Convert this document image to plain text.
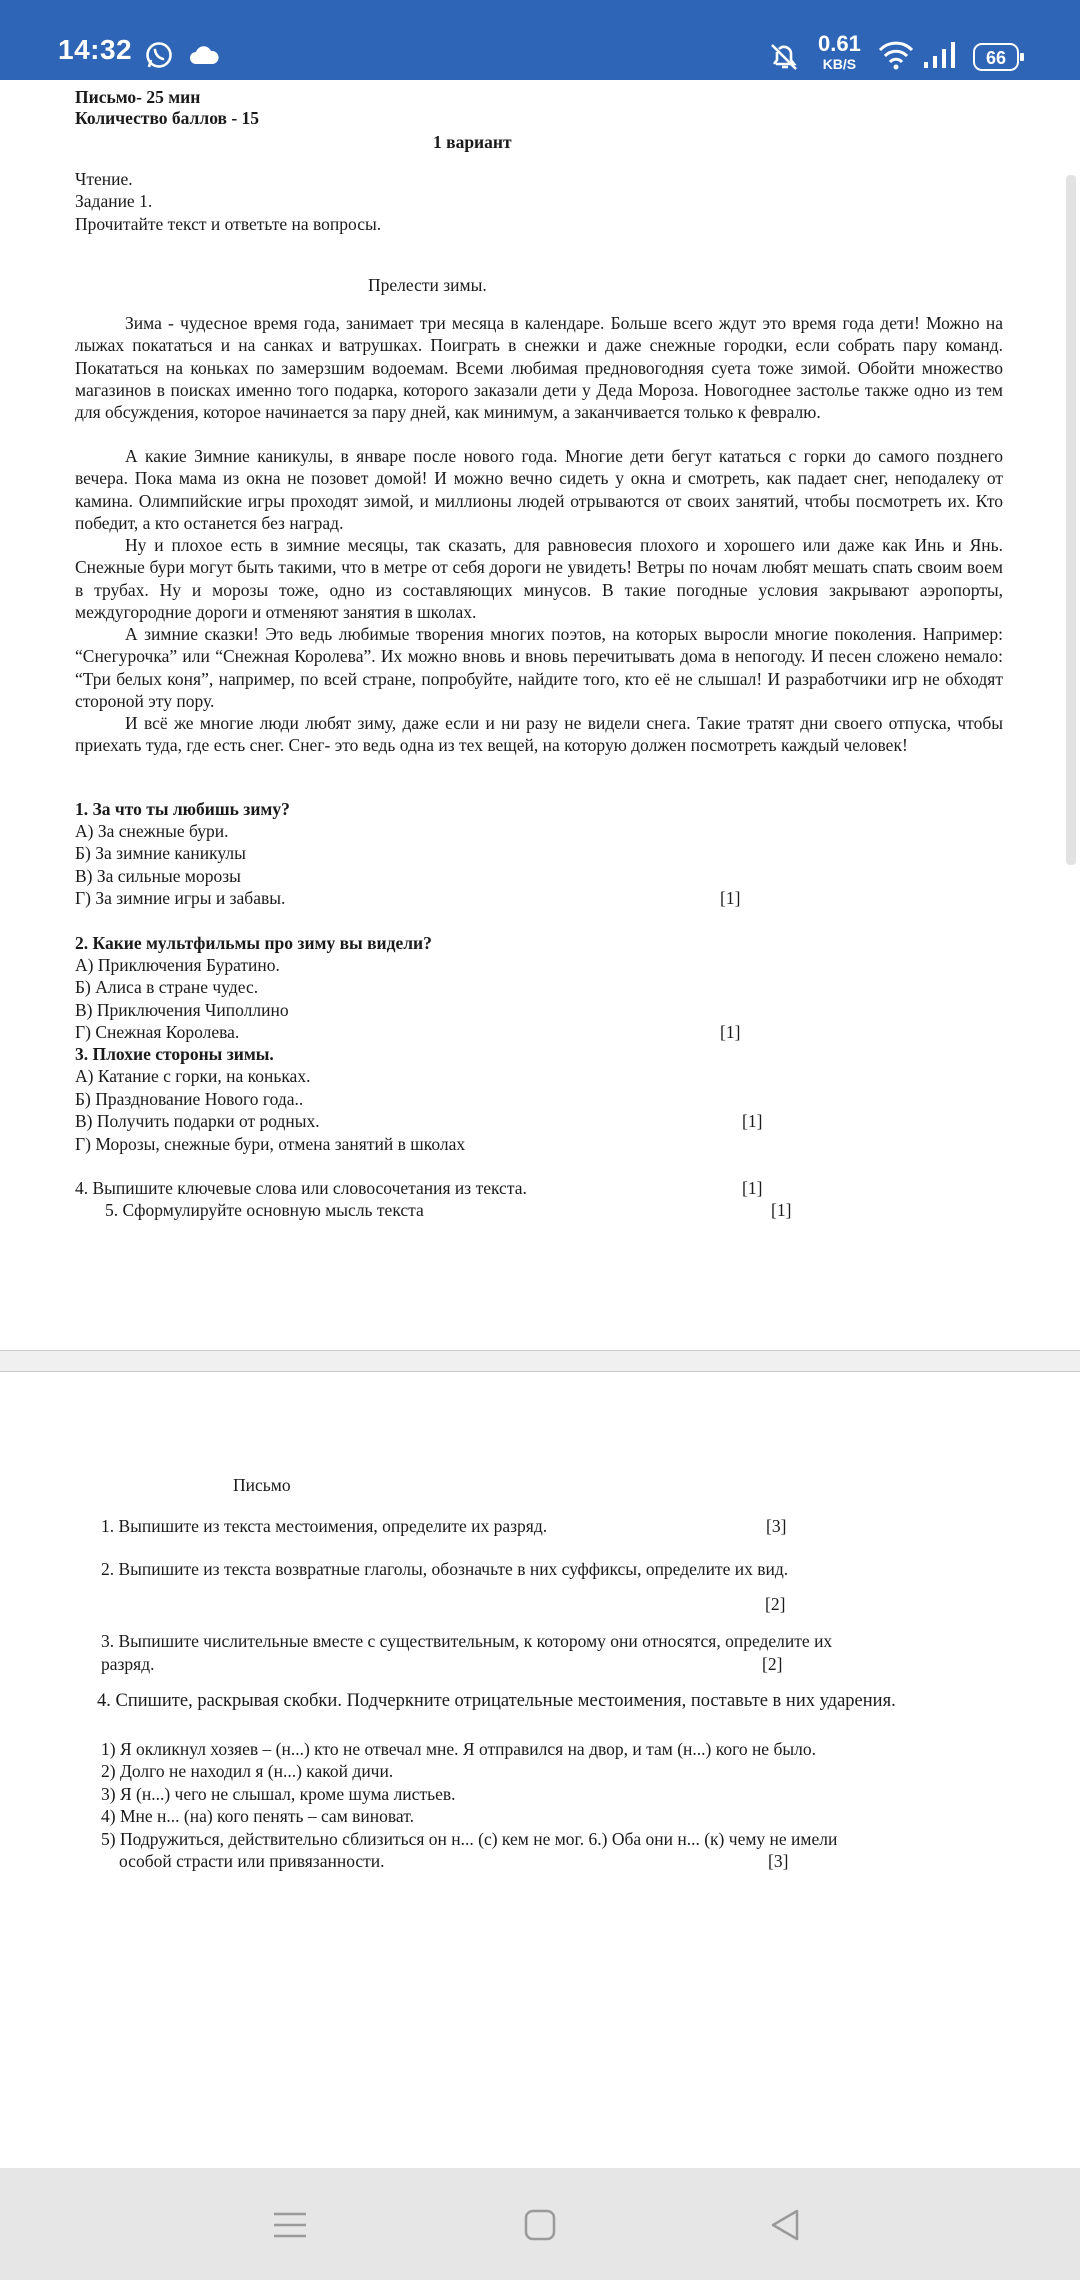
14:32	0.61
KB/S	66
Письмо- 25 мин
Количество баллов - 15
1 вариант
Чтение.
Задание 1.
Прочитайте текст и ответьте на вопросы.
Прелести зимы.
Зима - чудесное время года, занимает три месяца в календаре. Больше всего ждут это время года дети! Можно на лыжах покататься и на санках и ватрушках. Поиграть в снежки и даже снежные городки, если собрать пару команд. Покататься на коньках по замерзшим водоемам. Всеми любимая предновогодняя суета тоже зимой. Обойти множество магазинов в поисках именно того подарка, которого заказали дети у Деда Мороза. Новогоднее застолье также одно из тем для обсуждения, которое начинается за пару дней, как минимум, а заканчивается только к февралю.
А какие Зимние каникулы, в январе после нового года. Многие дети бегут кататься с горки до самого позднего вечера. Пока мама из окна не позовет домой! И можно вечно сидеть у окна и смотреть, как падает снег, неподалеку от камина. Олимпийские игры проходят зимой, и миллионы людей отрываются от своих занятий, чтобы посмотреть их. Кто победит, а кто останется без наград.
Ну и плохое есть в зимние месяцы, так сказать, для равновесия плохого и хорошего или даже как Инь и Янь. Снежные бури могут быть такими, что в метре от себя дороги не увидеть! Ветры по ночам любят мешать спать своим воем в трубах. Ну и морозы тоже, одно из составляющих минусов. В такие погодные условия закрывают аэропорты, междугородние дороги и отменяют занятия в школах.
А зимние сказки! Это ведь любимые творения многих поэтов, на которых выросли многие поколения. Например: “Снегурочка” или “Снежная Королева”. Их можно вновь и вновь перечитывать дома в непогоду. И песен сложено немало: “Три белых коня”, например, по всей стране, попробуйте, найдите того, кто её не слышал! И разработчики игр не обходят стороной эту пору.
И всё же многие люди любят зиму, даже если и ни разу не видели снега. Такие тратят дни своего отпуска, чтобы приехать туда, где есть снег. Снег- это ведь одна из тех вещей, на которую должен посмотреть каждый человек!
1. За что ты любишь зиму?
А) За снежные бури.
Б) За зимние каникулы
В) За сильные морозы
Г) За зимние игры и забавы.	[1]
2. Какие мультфильмы про зиму вы видели?
А) Приключения Буратино.
Б) Алиса в стране чудес.
В) Приключения Чиполлино
Г) Снежная Королева.	[1]
3. Плохие стороны зимы.
А) Катание с горки, на коньках.
Б) Празднование Нового года..
В) Получить подарки от родных.	[1]
Г) Морозы, снежные бури, отмена занятий в школах
4. Выпишите ключевые слова или словосочетания из текста.	[1]
5. Сформулируйте основную мысль текста	[1]
Письмо
1. Выпишите из текста местоимения, определите их разряд.	[3]
2. Выпишите из текста возвратные глаголы, обозначьте в них суффиксы, определите их вид.
[2]
3. Выпишите числительные вместе с существительным, к которому они относятся, определите их
разряд.	[2]
4. Спишите, раскрывая скобки. Подчеркните отрицательные местоимения, поставьте в них ударения.
1) Я окликнул хозяев – (н...) кто не отвечал мне. Я отправился на двор, и там (н...) кого не было.
2) Долго не находил я (н...) какой дичи.
3) Я (н...) чего не слышал, кроме шума листьев.
4) Мне н... (на) кого пенять – сам виноват.
5) Подружиться, действительно сблизиться он н... (с) кем не мог. 6.) Оба они н... (к) чему не имели
особой страсти или привязанности.	[3]
